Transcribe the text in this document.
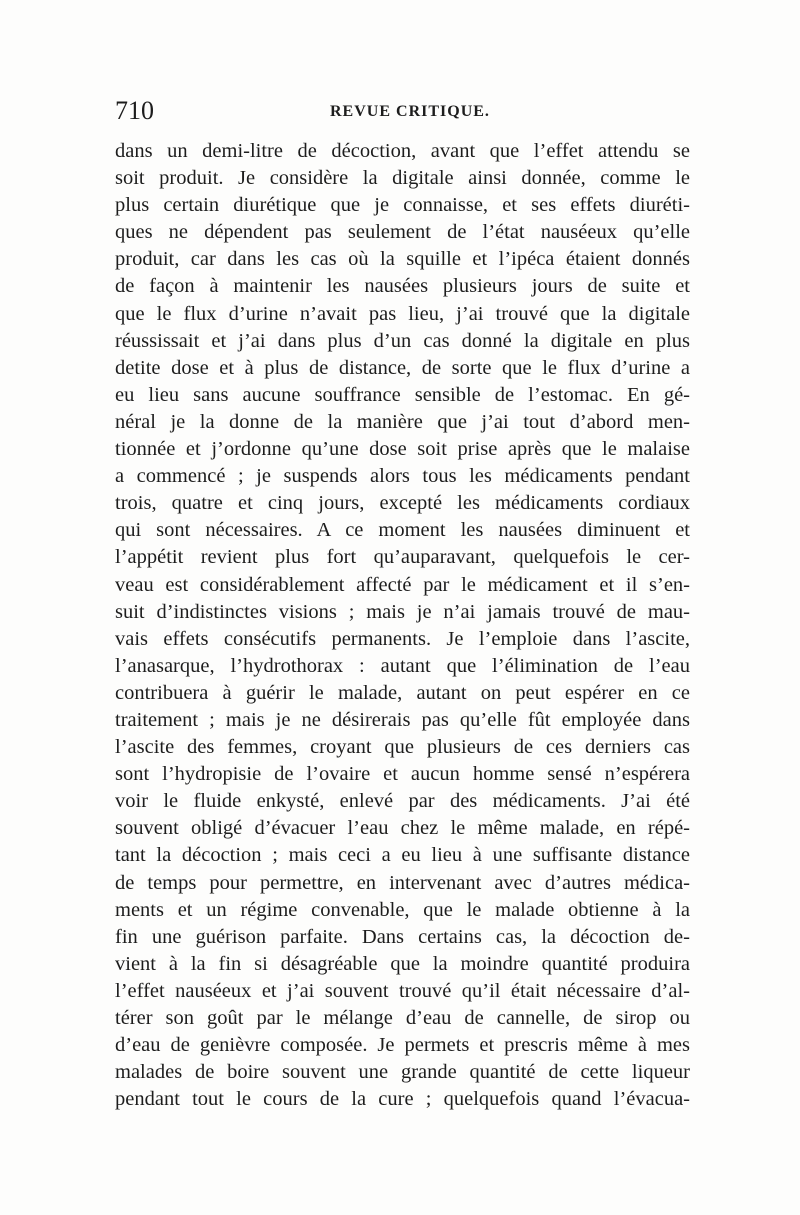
710	REVUE CRITIQUE.
dans un demi-litre de décoction, avant que l’effet attendu se
soit produit. Je considère la digitale ainsi donnée, comme le
plus certain diurétique que je connaisse, et ses effets diuréti-
ques ne dépendent pas seulement de l’état nauséeux qu’elle
produit, car dans les cas où la squille et l’ipéca étaient donnés
de façon à maintenir les nausées plusieurs jours de suite et
que le flux d’urine n’avait pas lieu, j’ai trouvé que la digitale
réussissait et j’ai dans plus d’un cas donné la digitale en plus
detite dose et à plus de distance, de sorte que le flux d’urine a
eu lieu sans aucune souffrance sensible de l’estomac. En gé-
néral je la donne de la manière que j’ai tout d’abord men-
tionnée et j’ordonne qu’une dose soit prise après que le malaise
a commencé ; je suspends alors tous les médicaments pendant
trois, quatre et cinq jours, excepté les médicaments cordiaux
qui sont nécessaires. A ce moment les nausées diminuent et
l’appétit revient plus fort qu’auparavant, quelquefois le cer-
veau est considérablement affecté par le médicament et il s’en-
suit d’indistinctes visions ; mais je n’ai jamais trouvé de mau-
vais effets consécutifs permanents. Je l’emploie dans l’ascite,
l’anasarque, l’hydrothorax : autant que l’élimination de l’eau
contribuera à guérir le malade, autant on peut espérer en ce
traitement ; mais je ne désirerais pas qu’elle fût employée dans
l’ascite des femmes, croyant que plusieurs de ces derniers cas
sont l’hydropisie de l’ovaire et aucun homme sensé n’espérera
voir le fluide enkysté, enlevé par des médicaments. J’ai été
souvent obligé d’évacuer l’eau chez le même malade, en répé-
tant la décoction ; mais ceci a eu lieu à une suffisante distance
de temps pour permettre, en intervenant avec d’autres médica-
ments et un régime convenable, que le malade obtienne à la
fin une guérison parfaite. Dans certains cas, la décoction de-
vient à la fin si désagréable que la moindre quantité produira
l’effet nauséeux et j’ai souvent trouvé qu’il était nécessaire d’al-
térer son goût par le mélange d’eau de cannelle, de sirop ou
d’eau de genièvre composée. Je permets et prescris même à mes
malades de boire souvent une grande quantité de cette liqueur
pendant tout le cours de la cure ; quelquefois quand l’évacua-
